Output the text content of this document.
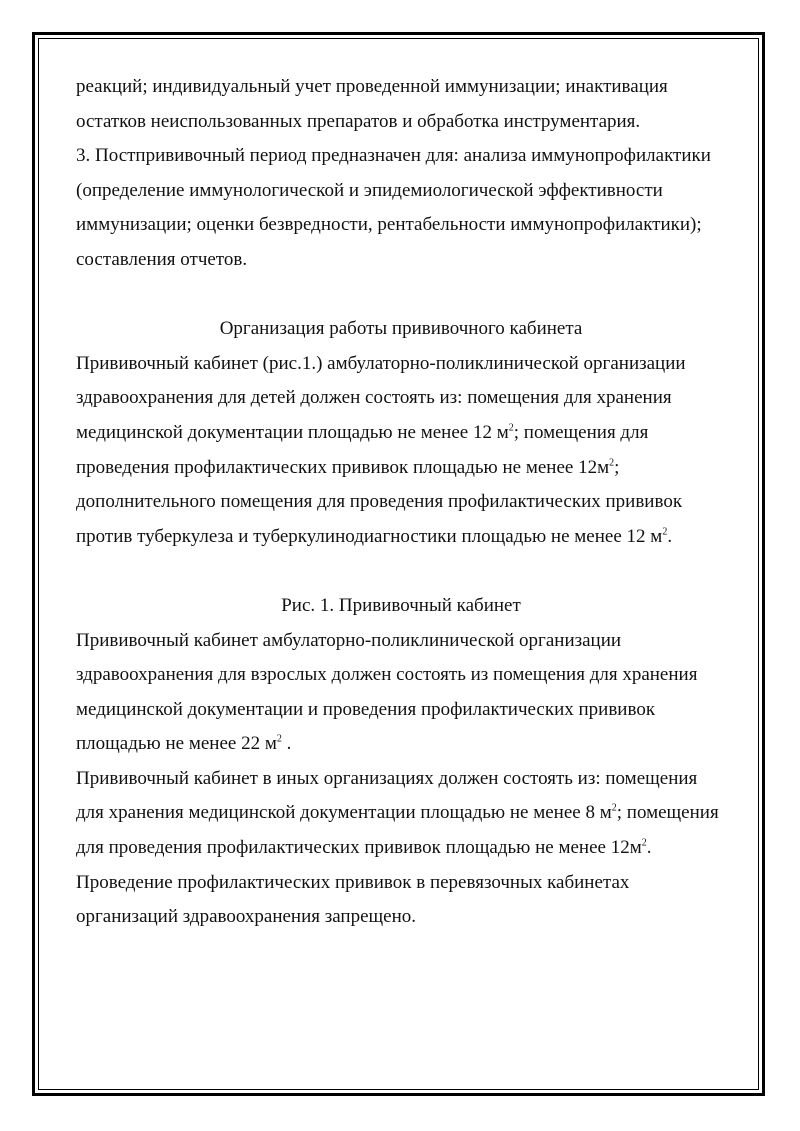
реакций; индивидуальный учет проведенной иммунизации; инактивация остатков неиспользованных препаратов и обработка инструментария.

3. Постпрививочный период предназначен для: анализа иммунопрофилактики (определение иммунологической и эпидемиологической эффективности иммунизации; оценки безвредности, рентабельности иммунопрофилактики); составления отчетов.

Организация работы прививочного кабинета

Прививочный кабинет (рис.1.) амбулаторно-поликлинической организации здравоохранения для детей должен состоять из: помещения для хранения медицинской документации площадью не менее 12 $м^2$; помещения для проведения профилактических прививок площадью не менее $12м^2$; дополнительного помещения для проведения профилактических прививок против туберкулеза и туберкулинодиагностики площадью не менее 12 $м^2$.

Рис. 1. Прививочный кабинет

Прививочный кабинет амбулаторно-поликлинической организации здравоохранения для взрослых должен состоять из помещения для хранения медицинской документации и проведения профилактических прививок площадью не менее 22 $м^2$ .

Прививочный кабинет в иных организациях должен состоять из: помещения для хранения медицинской документации площадью не менее 8 $м^2$; помещения для проведения профилактических прививок площадью не менее $12м^2$.

Проведение профилактических прививок в перевязочных кабинетах организаций здравоохранения запрещено.
